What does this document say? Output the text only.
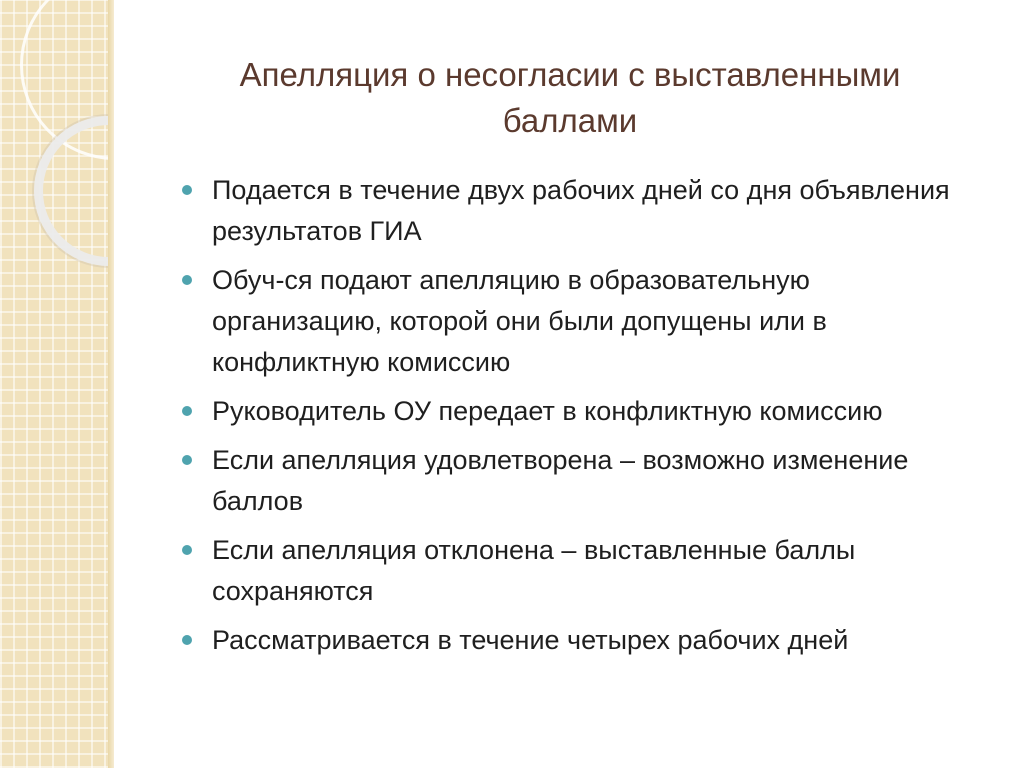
Апелляция о несогласии с выставленными баллами
Подается в течение двух рабочих дней со дня объявления результатов ГИА
Обуч-ся подают апелляцию в образовательную организацию, которой они были допущены или в конфликтную комиссию
Руководитель ОУ передает в конфликтную комиссию
Если апелляция удовлетворена – возможно изменение баллов
Если апелляция отклонена – выставленные баллы сохраняются
Рассматривается в течение четырех рабочих дней
